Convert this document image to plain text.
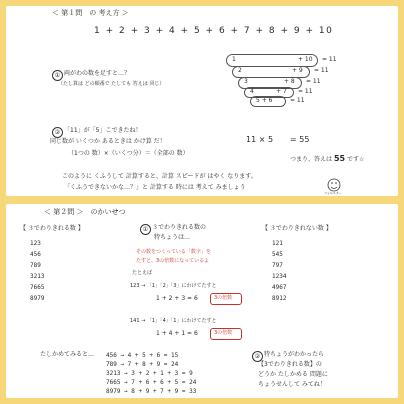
＜ 第１問　の 考え方 ＞
1 + 2 + 3 + 4 + 5 + 6 + 7 + 8 + 9 + 10
① 両がわの数を足すと…？
（たし算は どの順番で たしても 答えは 同じ）
1	+ 10 = 11
2	+ 9 = 11
3	+ 8 = 11
4	+ 7 = 11
5 + 6	= 11
② 「11」が「5」こできたね！
同じ数が いくつか あるときは かけ算 だ！
（1つの 数）×（いくつ分）＝（全部の 数）
11 × 5 = 55
つまり、答えは 55 です☆
このように くふうして 計算すると、計算 スピードが はやく なります。
「くふうできないかな…？」と 計算する 時には 考えて みましょう
フォルスター
＜ 第２問 ＞　のかいせつ
【 ３でわりきれる数 】
123
456
789
3213
7665
8979
① ３でわりきれる数の
特ちょうは…
その数をつくっている「数字」を
たすと、3の倍数になっているよ
たとえば
123 → 「1」「2」「3」にわけてたすと
1 + 2 + 3 = 6	3の倍数
141 → 「1」「4」「1」にわけてたすと
1 + 4 + 1 = 6	3の倍数
【 ３でわりきれない数 】
121
545
797
1234
4967
8912
たしかめてみると… 456 → 4 + 5 + 6 = 15
789 → 7 + 8 + 9 = 24
3213 → 3 + 2 + 1 + 3 = 9
7665 → 7 + 6 + 6 + 5 = 24
8979 → 8 + 9 + 7 + 9 = 33
② 特ちょうがわかったら
【3でわりきれる数】の
どうか たしかめる 問題に
ちょうせんして みてね！
